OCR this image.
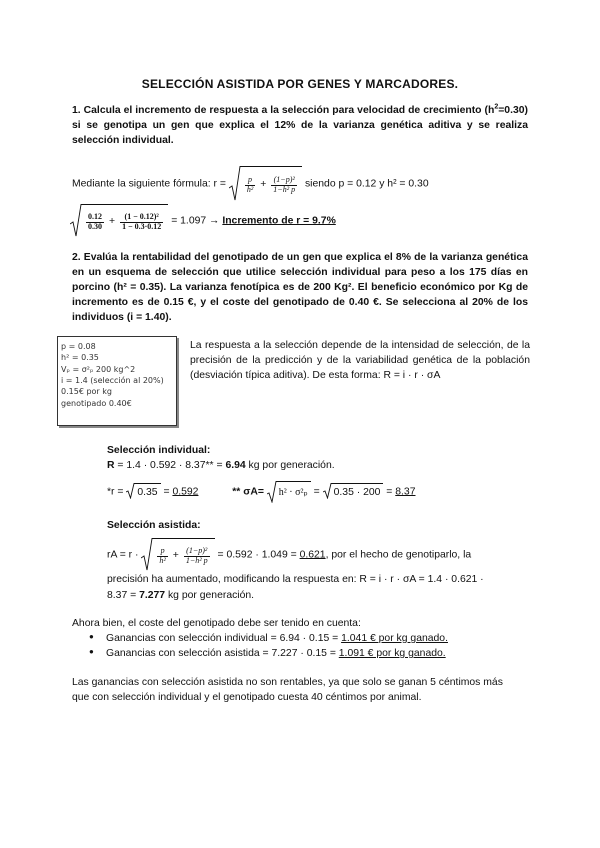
SELECCIÓN ASISTIDA POR GENES Y MARCADORES.
1. Calcula el incremento de respuesta a la selección para velocidad de crecimiento $(h^2=0.30)$ si se genotipa un gen que explica el 12% de la varianza genética aditiva y se realiza selección individual.
Mediante la siguiente fórmula: $r = \frac{p}{\text{h²}} + \frac{\text{(1−p)²}}{\text{1−h² p}}$ siendo p = 0.12 y h² = 0.30
$\frac{0.12}{0.30} + \frac{\text{(1 − 0.12)²}}{1 - 0.3\cdot 0.12} = 1.097$ → Incremento de r = 9.7%
2. Evalúa la rentabilidad del genotipado de un gen que explica el 8% de la varianza genética en un esquema de selección que utilice selección individual para peso a los 175 días en porcino (h² = 0.35). La varianza fenotípica es de 200 Kg². El beneficio económico por Kg de incremento es de 0.15 €, y el coste del genotipado de 0.40 €. Se selecciona al 20% de los individuos (i = 1.40).
p = 0.08
h² = 0.35
Vₚ = σ²ₚ 200 kg^2
i = 1.4 (selección al 20%)
0.15€ por kg
genotipado 0.40€
La respuesta a la selección depende de la intensidad de selección, de la precisión de la predicción y de la variabilidad genética de la población (desviación típica aditiva). De esta forma: R = i · r · σA
Selección individual:
R = 1.4 · 0.592 · 8.37** = 6.94 kg por generación.
*r = 0.35 = 0.592	** σA= h² · σ²ₚ = 0.35 · 200 = 8.37
Selección asistida:
rA = $r \cdot \frac{p}{\text{h²}} + \frac{\text{(1−p)²}}{\text{1−h² p}} = 0.592 \cdot 1.049 = 0.621$, por el hecho de genotiparlo, la
precisión ha aumentado, modificando la respuesta en: R = i · r · σA = 1.4 · 0.621 ·
8.37 = 7.277 kg por generación.
Ahora bien, el coste del genotipado debe ser tenido en cuenta:
● Ganancias con selección individual = 6.94 · 0.15 = 1.041 € por kg ganado.
● Ganancias con selección asistida = 7.227 · 0.15 = 1.091 € por kg ganado.
Las ganancias con selección asistida no son rentables, ya que solo se ganan 5 céntimos más que con selección individual y el genotipado cuesta 40 céntimos por animal.
